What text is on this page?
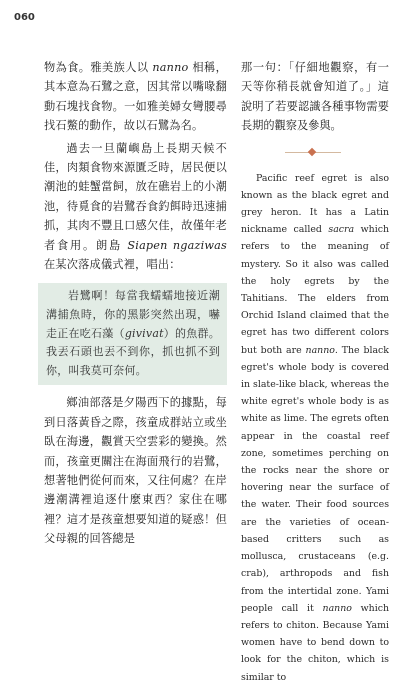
060

物為食。雅美族人以 nanno 相稱，其本意為石鷺之意，因其常以嘴喙翻動石塊找食物。一如雅美婦女彎腰尋找石鱉的動作，故以石鷺為名。

過去一旦蘭嶼島上長期天候不佳，肉類食物來源匱乏時，居民便以潮池的蛙蟹當飼，放在礁岩上的小潮池，待覓食的岩鷺吞食釣餌時迅速捕抓，其肉不豐且口感欠佳，故僅年老者食用。朗島 Siapen ngaziwas 在某次落成儀式裡，唱出：

岩鷺啊！每當我蠕蠕地接近潮溝捕魚時，你的黑影突然出現，嚇走正在吃石藻（givivat）的魚群。我丟石頭也丟不到你，抓也抓不到你，叫我莫可奈何。

鄉油部落是夕陽西下的據點，每到日落黃昏之際，孩童成群站立或坐臥在海邊，觀賞天空雲彩的變換。然而，孩童更關注在海面飛行的岩鷺，想著牠們從何而來，又往何處？在岸邊潮溝裡追逐什麼東西？家住在哪裡？這才是孩童想要知道的疑惑！但父母親的回答總是

那一句：「仔細地觀察，有一天等你稍長就會知道了。」這說明了若要認識各種事物需要長期的觀察及參與。

Pacific reef egret is also known as the black egret and grey heron. It has a Latin nickname called sacra which refers to the meaning of mystery. So it also was called the holy egrets by the Tahitians. The elders from Orchid Island claimed that the egret has two different colors but both are nanno. The black egret's whole body is covered in slate-like black, whereas the white egret's whole body is as white as lime. The egrets often appear in the coastal reef zone, sometimes perching on the rocks near the shore or hovering near the surface of the water. Their food sources are the varieties of ocean-based critters such as mollusca, crustaceans (e.g. crab), arthropods and fish from the intertidal zone. Yami people call it nanno which refers to chiton. Because Yami women have to bend down to look for the chiton, which is similar to
